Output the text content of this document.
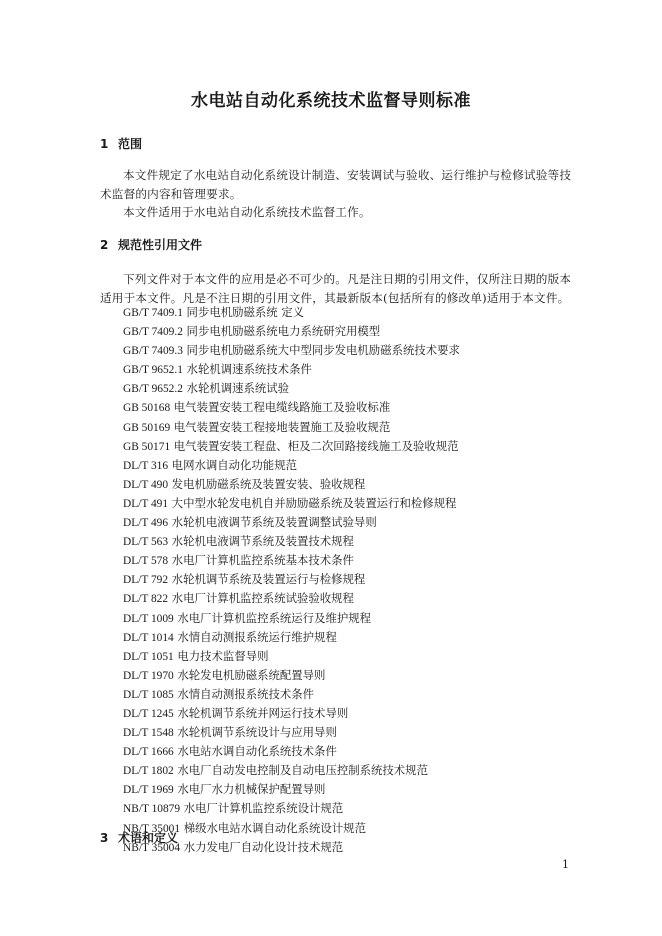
水电站自动化系统技术监督导则标准
1 范围
本文件规定了水电站自动化系统设计制造、安装调试与验收、运行维护与检修试验等技术监督的内容和管理要求。
本文件适用于水电站自动化系统技术监督工作。
2 规范性引用文件
下列文件对于本文件的应用是必不可少的。凡是注日期的引用文件，仅所注日期的版本适用于本文件。凡是不注日期的引用文件，其最新版本(包括所有的修改单)适用于本文件。
GB/T 7409.1 同步电机励磁系统 定义
GB/T 7409.2 同步电机励磁系统电力系统研究用模型
GB/T 7409.3 同步电机励磁系统大中型同步发电机励磁系统技术要求
GB/T 9652.1 水轮机调速系统技术条件
GB/T 9652.2 水轮机调速系统试验
GB 50168 电气装置安装工程电缆线路施工及验收标准
GB 50169 电气装置安装工程接地装置施工及验收规范
GB 50171 电气装置安装工程盘、柜及二次回路接线施工及验收规范
DL/T 316 电网水调自动化功能规范
DL/T 490 发电机励磁系统及装置安装、验收规程
DL/T 491 大中型水轮发电机自并励励磁系统及装置运行和检修规程
DL/T 496 水轮机电液调节系统及装置调整试验导则
DL/T 563 水轮机电液调节系统及装置技术规程
DL/T 578 水电厂计算机监控系统基本技术条件
DL/T 792 水轮机调节系统及装置运行与检修规程
DL/T 822 水电厂计算机监控系统试验验收规程
DL/T 1009 水电厂计算机监控系统运行及维护规程
DL/T 1014 水情自动测报系统运行维护规程
DL/T 1051 电力技术监督导则
DL/T 1970 水轮发电机励磁系统配置导则
DL/T 1085 水情自动测报系统技术条件
DL/T 1245 水轮机调节系统并网运行技术导则
DL/T 1548 水轮机调节系统设计与应用导则
DL/T 1666 水电站水调自动化系统技术条件
DL/T 1802 水电厂自动发电控制及自动电压控制系统技术规范
DL/T 1969 水电厂水力机械保护配置导则
NB/T 10879 水电厂计算机监控系统设计规范
NB/T 35001 梯级水电站水调自动化系统设计规范
NB/T 35004 水力发电厂自动化设计技术规范
3 术语和定义
1
